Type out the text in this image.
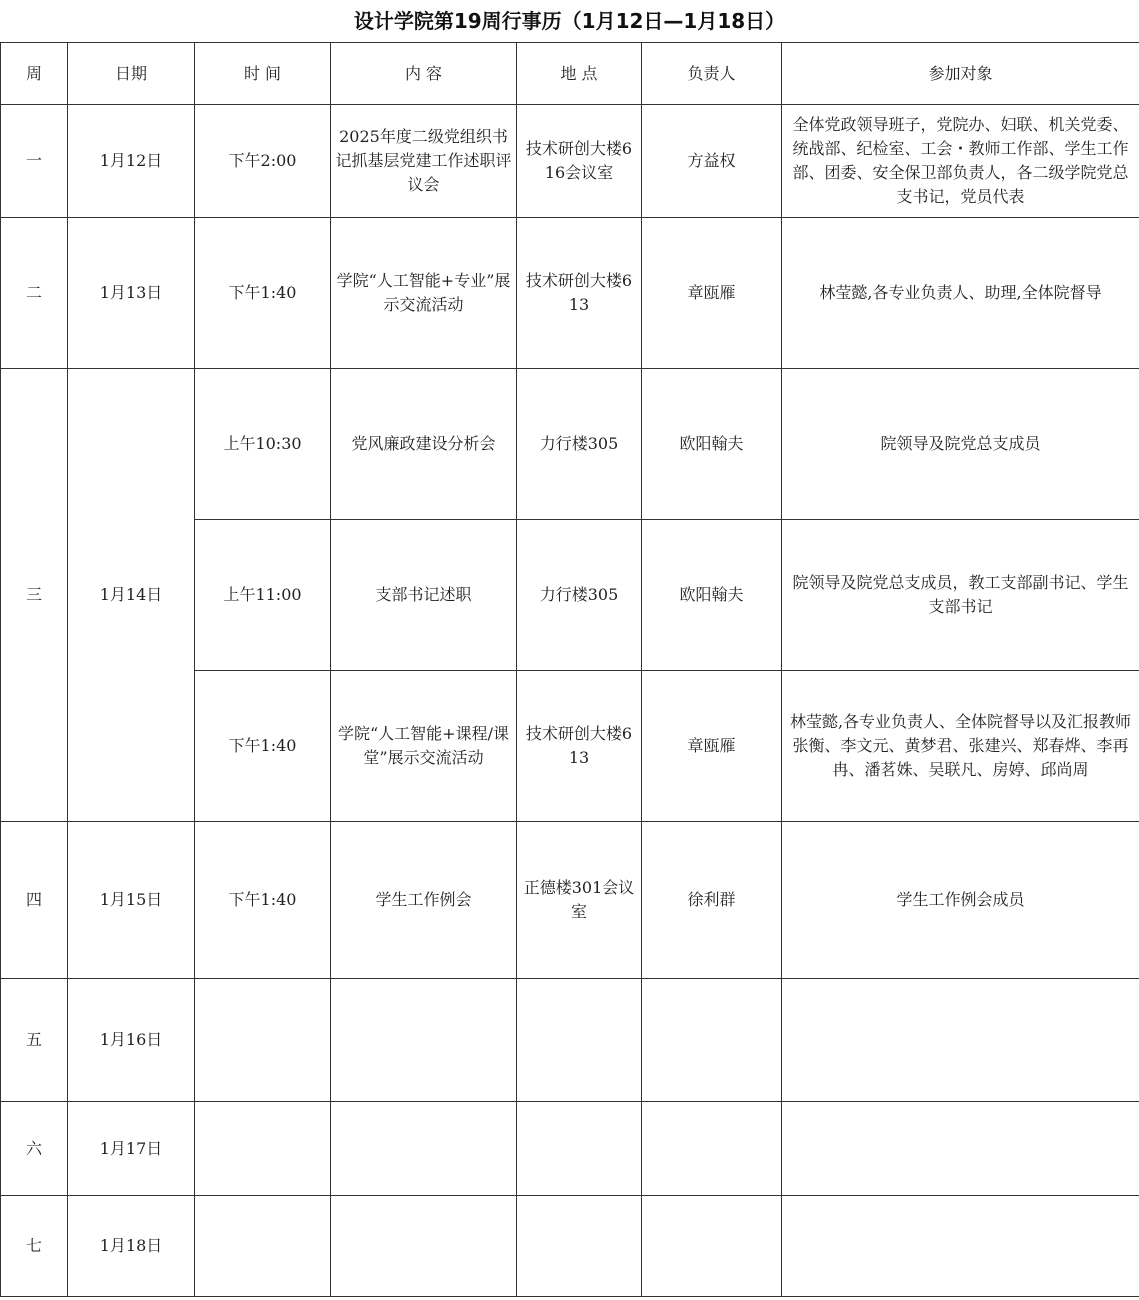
设计学院第19周行事历（1月12日—1月18日）
周	日期	时 间	内 容	地 点	负责人	参加对象
一	1月12日	下午2:00	2025年度二级党组织书记抓基层党建工作述职评议会	技术研创大楼616会议室	方益权	全体党政领导班子，党院办、妇联、机关党委、统战部、纪检室、工会・教师工作部、学生工作部、团委、安全保卫部负责人，各二级学院党总支书记，党员代表
二	1月13日	下午1:40	学院“人工智能+专业”展示交流活动	技术研创大楼613	章瓯雁	林莹懿,各专业负责人、助理,全体院督导
三	1月14日	上午10:30	党风廉政建设分析会	力行楼305	欧阳翰夫	院领导及院党总支成员
		上午11:00	支部书记述职	力行楼305	欧阳翰夫	院领导及院党总支成员，教工支部副书记、学生支部书记
		下午1:40	学院“人工智能+课程/课堂”展示交流活动	技术研创大楼613	章瓯雁	林莹懿,各专业负责人、全体院督导以及汇报教师张衡、李文元、黄梦君、张建兴、郑春烨、李再冉、潘茗姝、吴联凡、房婷、邱尚周
四	1月15日	下午1:40	学生工作例会	正德楼301会议室	徐利群	学生工作例会成员
五	1月16日					
六	1月17日					
七	1月18日					
